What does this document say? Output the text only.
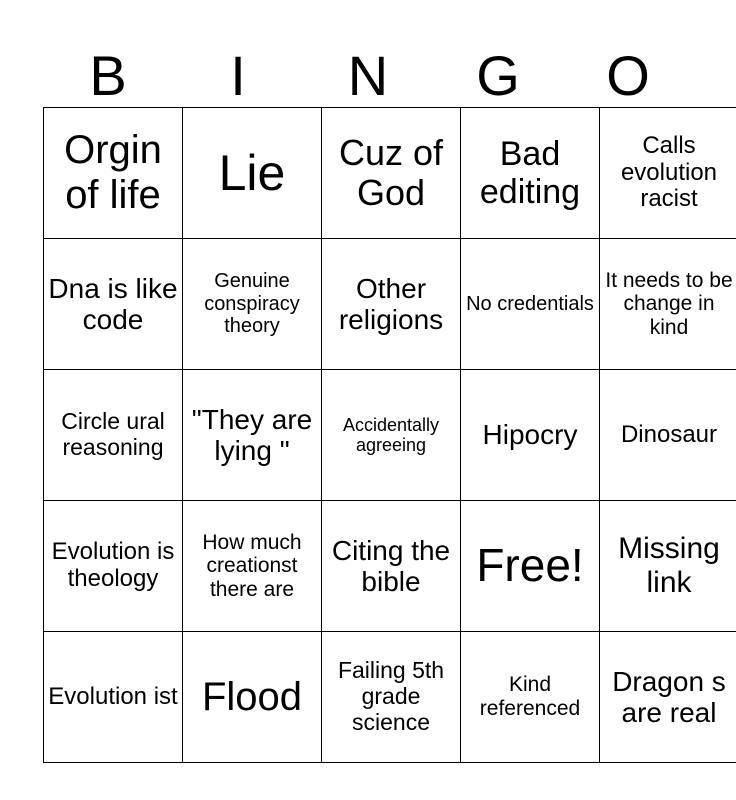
B	I	N	G	O
Orgin of life	Lie	Cuz of God	Bad editing	Calls evolution racist
Dna is like code	Genuine conspiracy theory	Other religions	No credentials	It needs to be change in kind
Circle ural reasoning	"They are lying "	Accidentally agreeing	Hipocry	Dinosaur
Evolution is theology	How much creationst there are	Citing the bible	Free!	Missing link
Evolution ist	Flood	Failing 5th grade science	Kind referenced	Dragon s are real
